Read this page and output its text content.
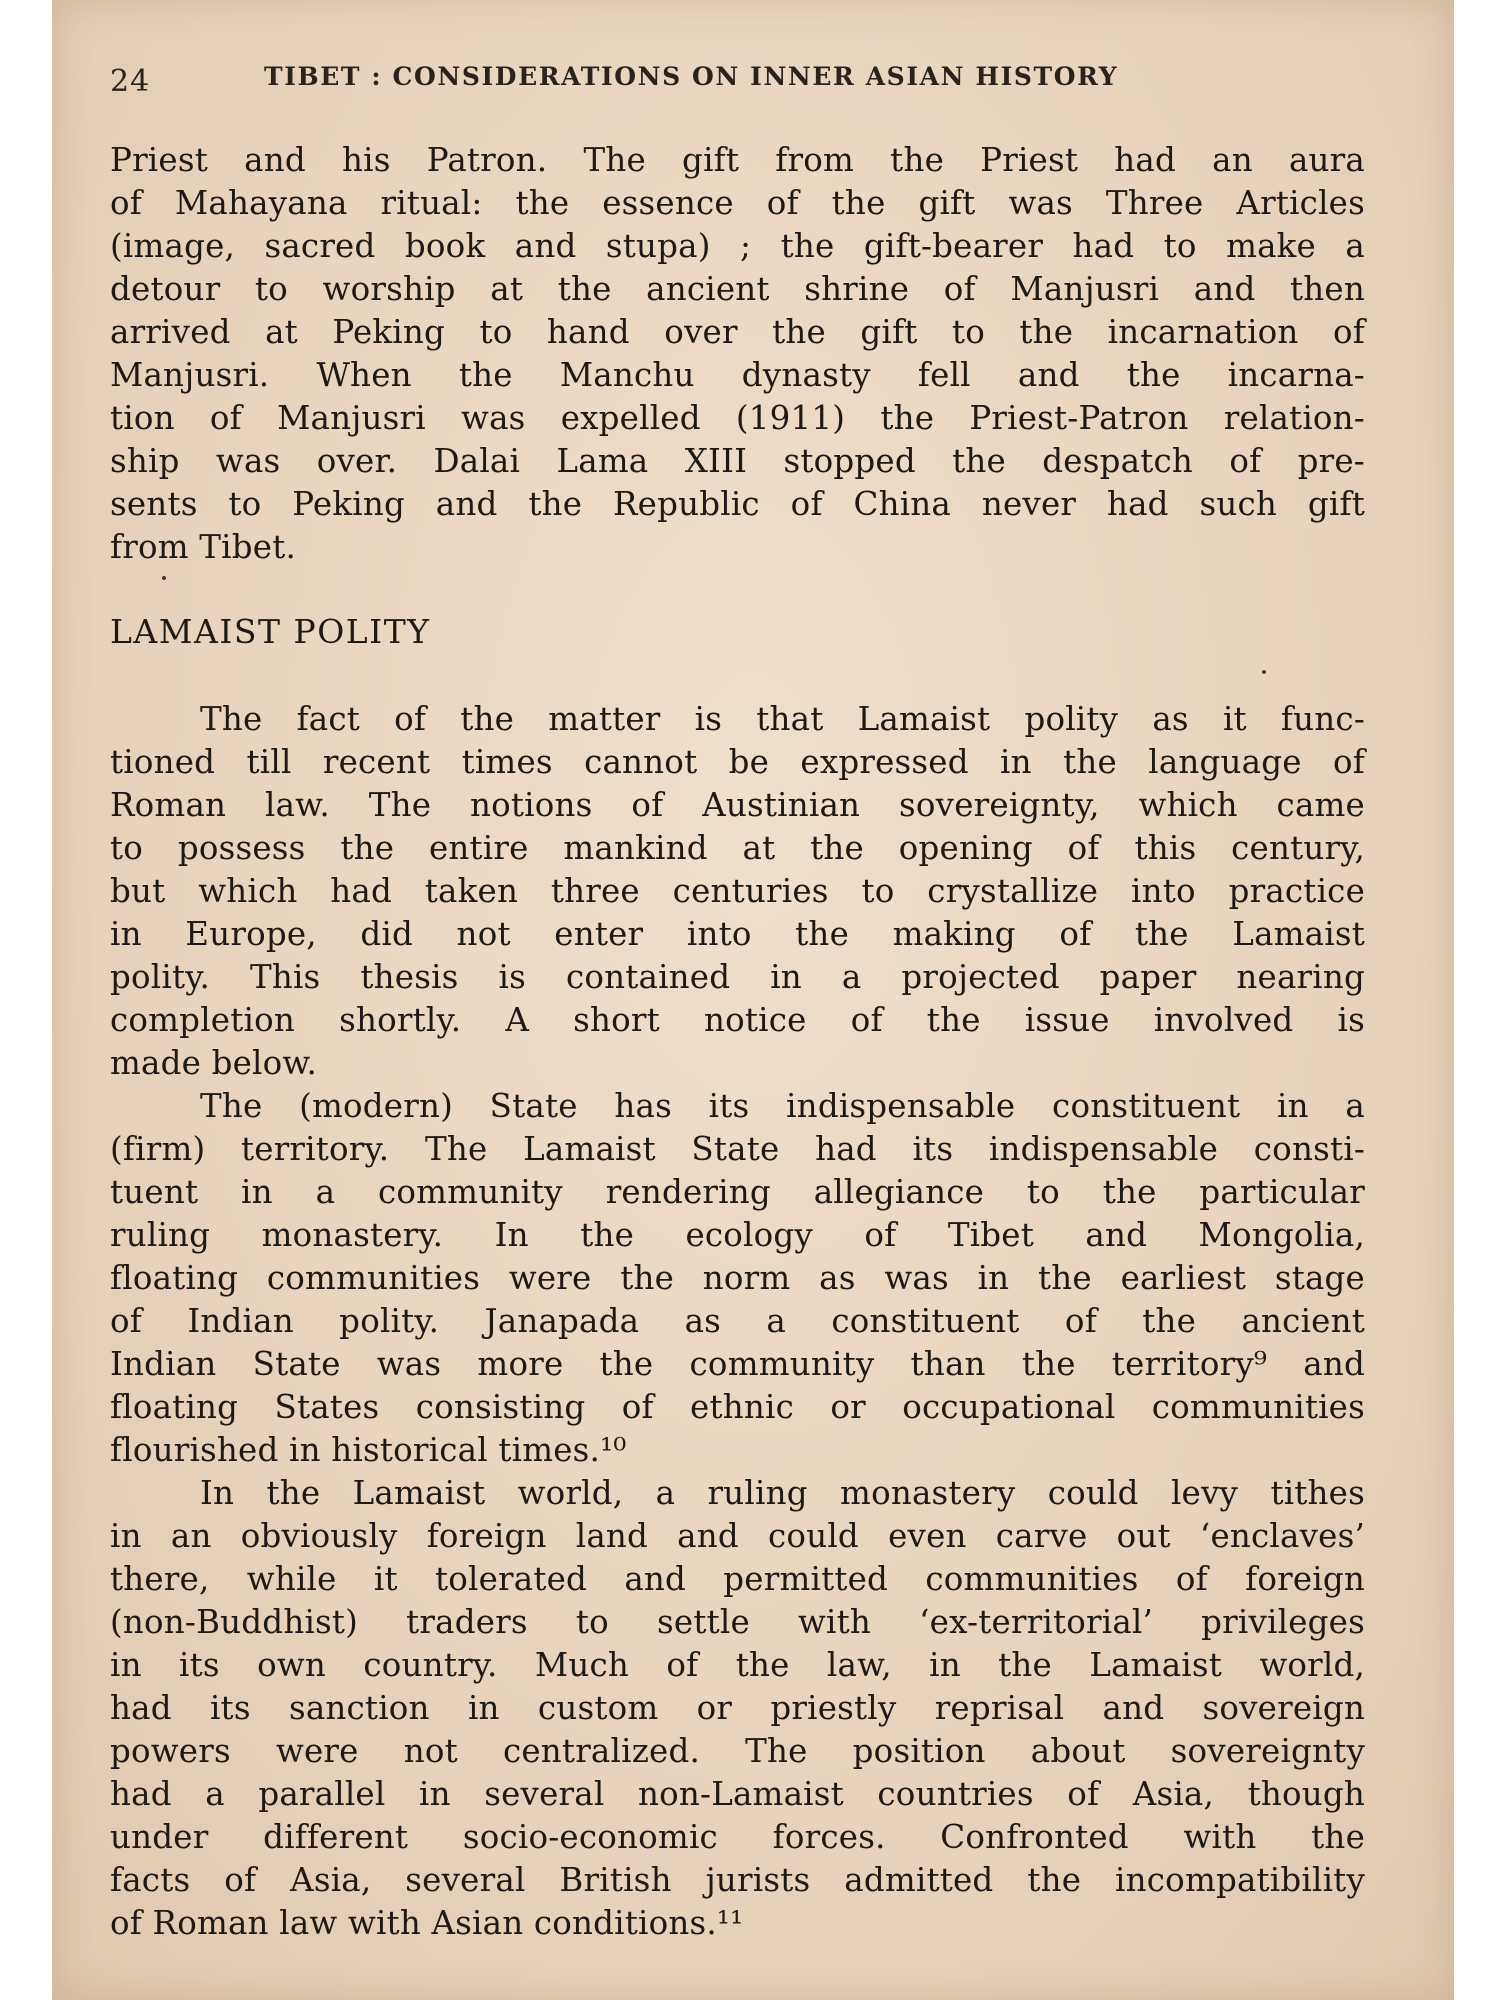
24	TIBET : CONSIDERATIONS ON INNER ASIAN HISTORY
Priest and his Patron. The gift from the Priest had an aura
of Mahayana ritual: the essence of the gift was Three Articles
(image, sacred book and stupa) ; the gift-bearer had to make a
detour to worship at the ancient shrine of Manjusri and then
arrived at Peking to hand over the gift to the incarnation of
Manjusri. When the Manchu dynasty fell and the incarna-
tion of Manjusri was expelled (1911) the Priest-Patron relation-
ship was over. Dalai Lama XIII stopped the despatch of pre-
sents to Peking and the Republic of China never had such gift
from Tibet.
LAMAIST POLITY
The fact of the matter is that Lamaist polity as it func-
tioned till recent times cannot be expressed in the language of
Roman law. The notions of Austinian sovereignty, which came
to possess the entire mankind at the opening of this century,
but which had taken three centuries to crystallize into practice
in Europe, did not enter into the making of the Lamaist
polity. This thesis is contained in a projected paper nearing
completion shortly. A short notice of the issue involved is
made below.
The (modern) State has its indispensable constituent in a
(firm) territory. The Lamaist State had its indispensable consti-
tuent in a community rendering allegiance to the particular
ruling monastery. In the ecology of Tibet and Mongolia,
floating communities were the norm as was in the earliest stage
of Indian polity. Janapada as a constituent of the ancient
Indian State was more the community than the territory⁹ and
floating States consisting of ethnic or occupational communities
flourished in historical times.¹⁰
In the Lamaist world, a ruling monastery could levy tithes
in an obviously foreign land and could even carve out ‘enclaves’
there, while it tolerated and permitted communities of foreign
(non-Buddhist) traders to settle with ‘ex-territorial’ privileges
in its own country. Much of the law, in the Lamaist world,
had its sanction in custom or priestly reprisal and sovereign
powers were not centralized. The position about sovereignty
had a parallel in several non-Lamaist countries of Asia, though
under different socio-economic forces. Confronted with the
facts of Asia, several British jurists admitted the incompatibility
of Roman law with Asian conditions.¹¹
